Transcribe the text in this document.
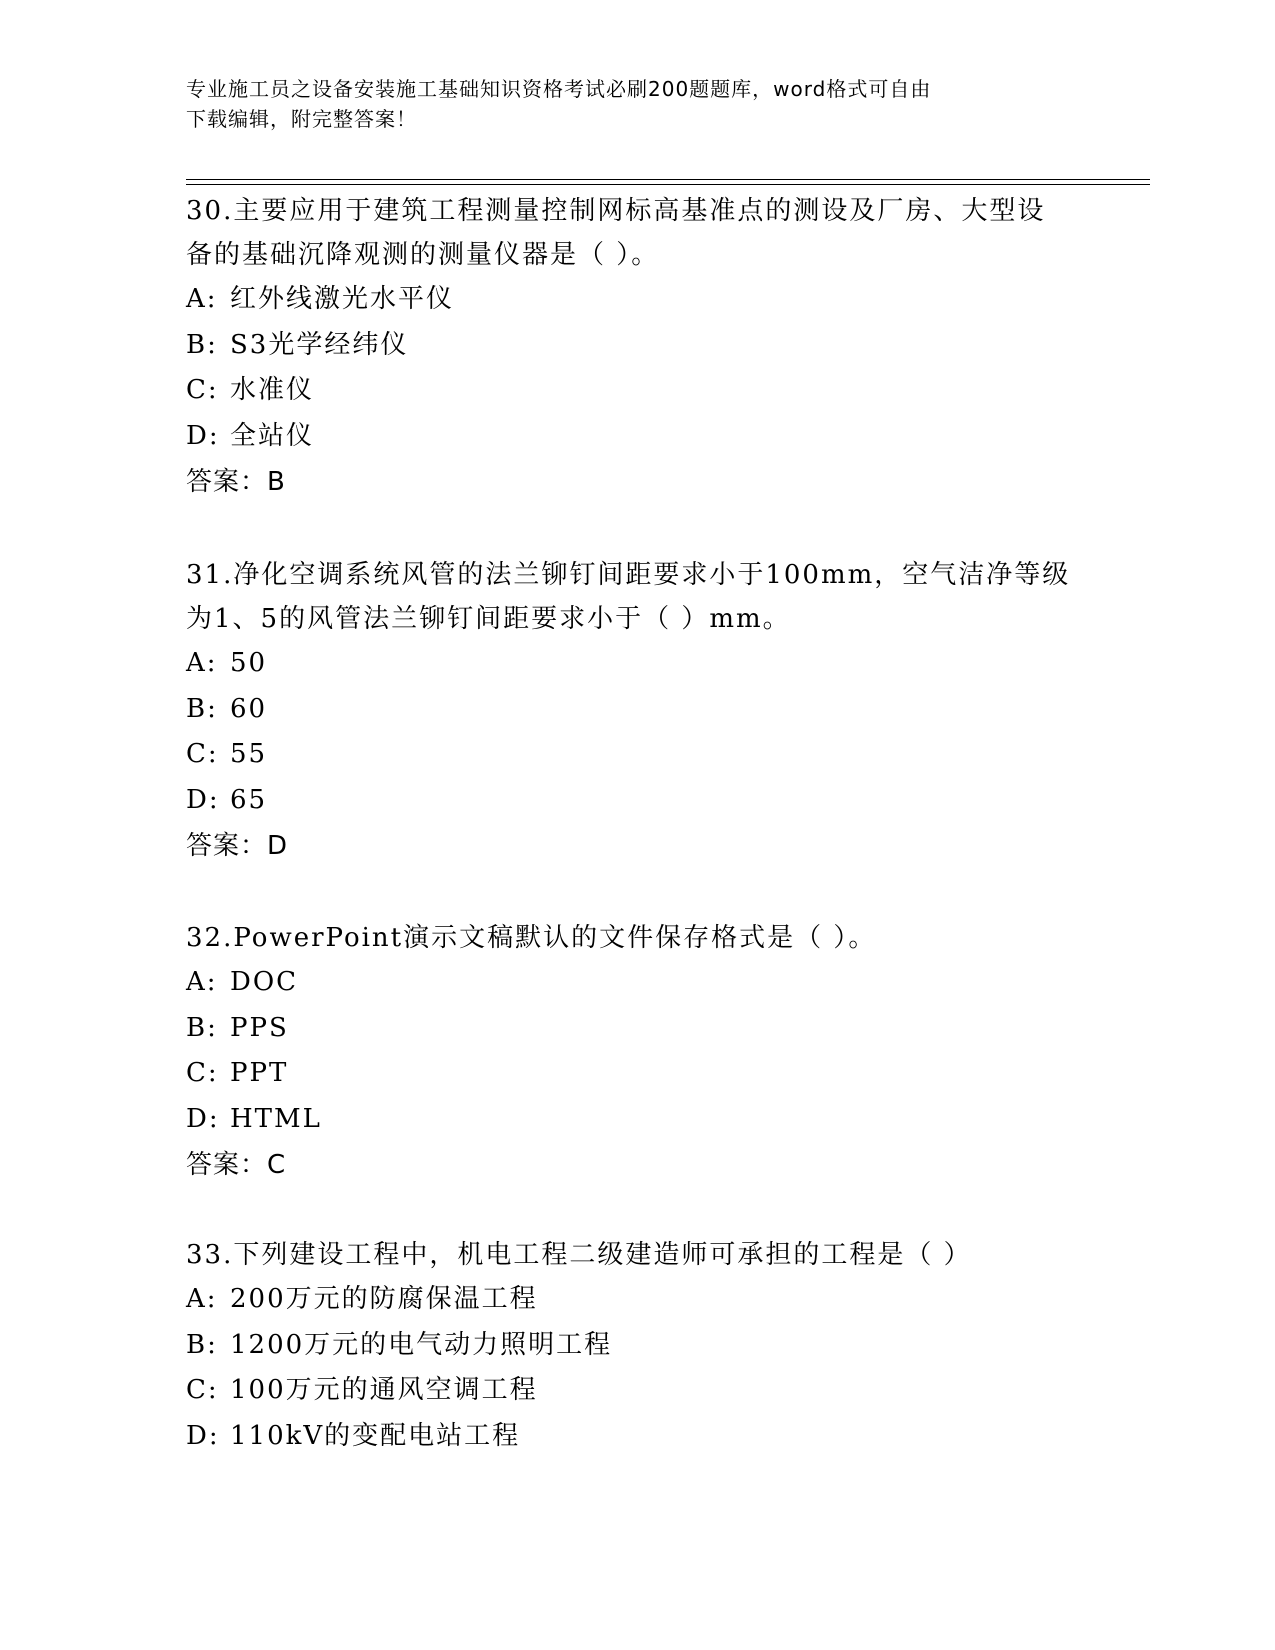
专业施工员之设备安装施工基础知识资格考试必刷200题题库，word格式可自由
下载编辑，附完整答案！
30.主要应用于建筑工程测量控制网标高基准点的测设及厂房、大型设
备的基础沉降观测的测量仪器是（ ）。
A: 红外线激光水平仪
B: S3光学经纬仪
C: 水准仪
D: 全站仪
答案：B
31.净化空调系统风管的法兰铆钉间距要求小于100mm，空气洁净等级
为1、5的风管法兰铆钉间距要求小于（ ）mm。
A: 50
B: 60
C: 55
D: 65
答案：D
32.PowerPoint演示文稿默认的文件保存格式是（ ）。
A: DOC
B: PPS
C: PPT
D: HTML
答案：C
33.下列建设工程中，机电工程二级建造师可承担的工程是（ ）
A: 200万元的防腐保温工程
B: 1200万元的电气动力照明工程
C: 100万元的通风空调工程
D: 110kV的变配电站工程
